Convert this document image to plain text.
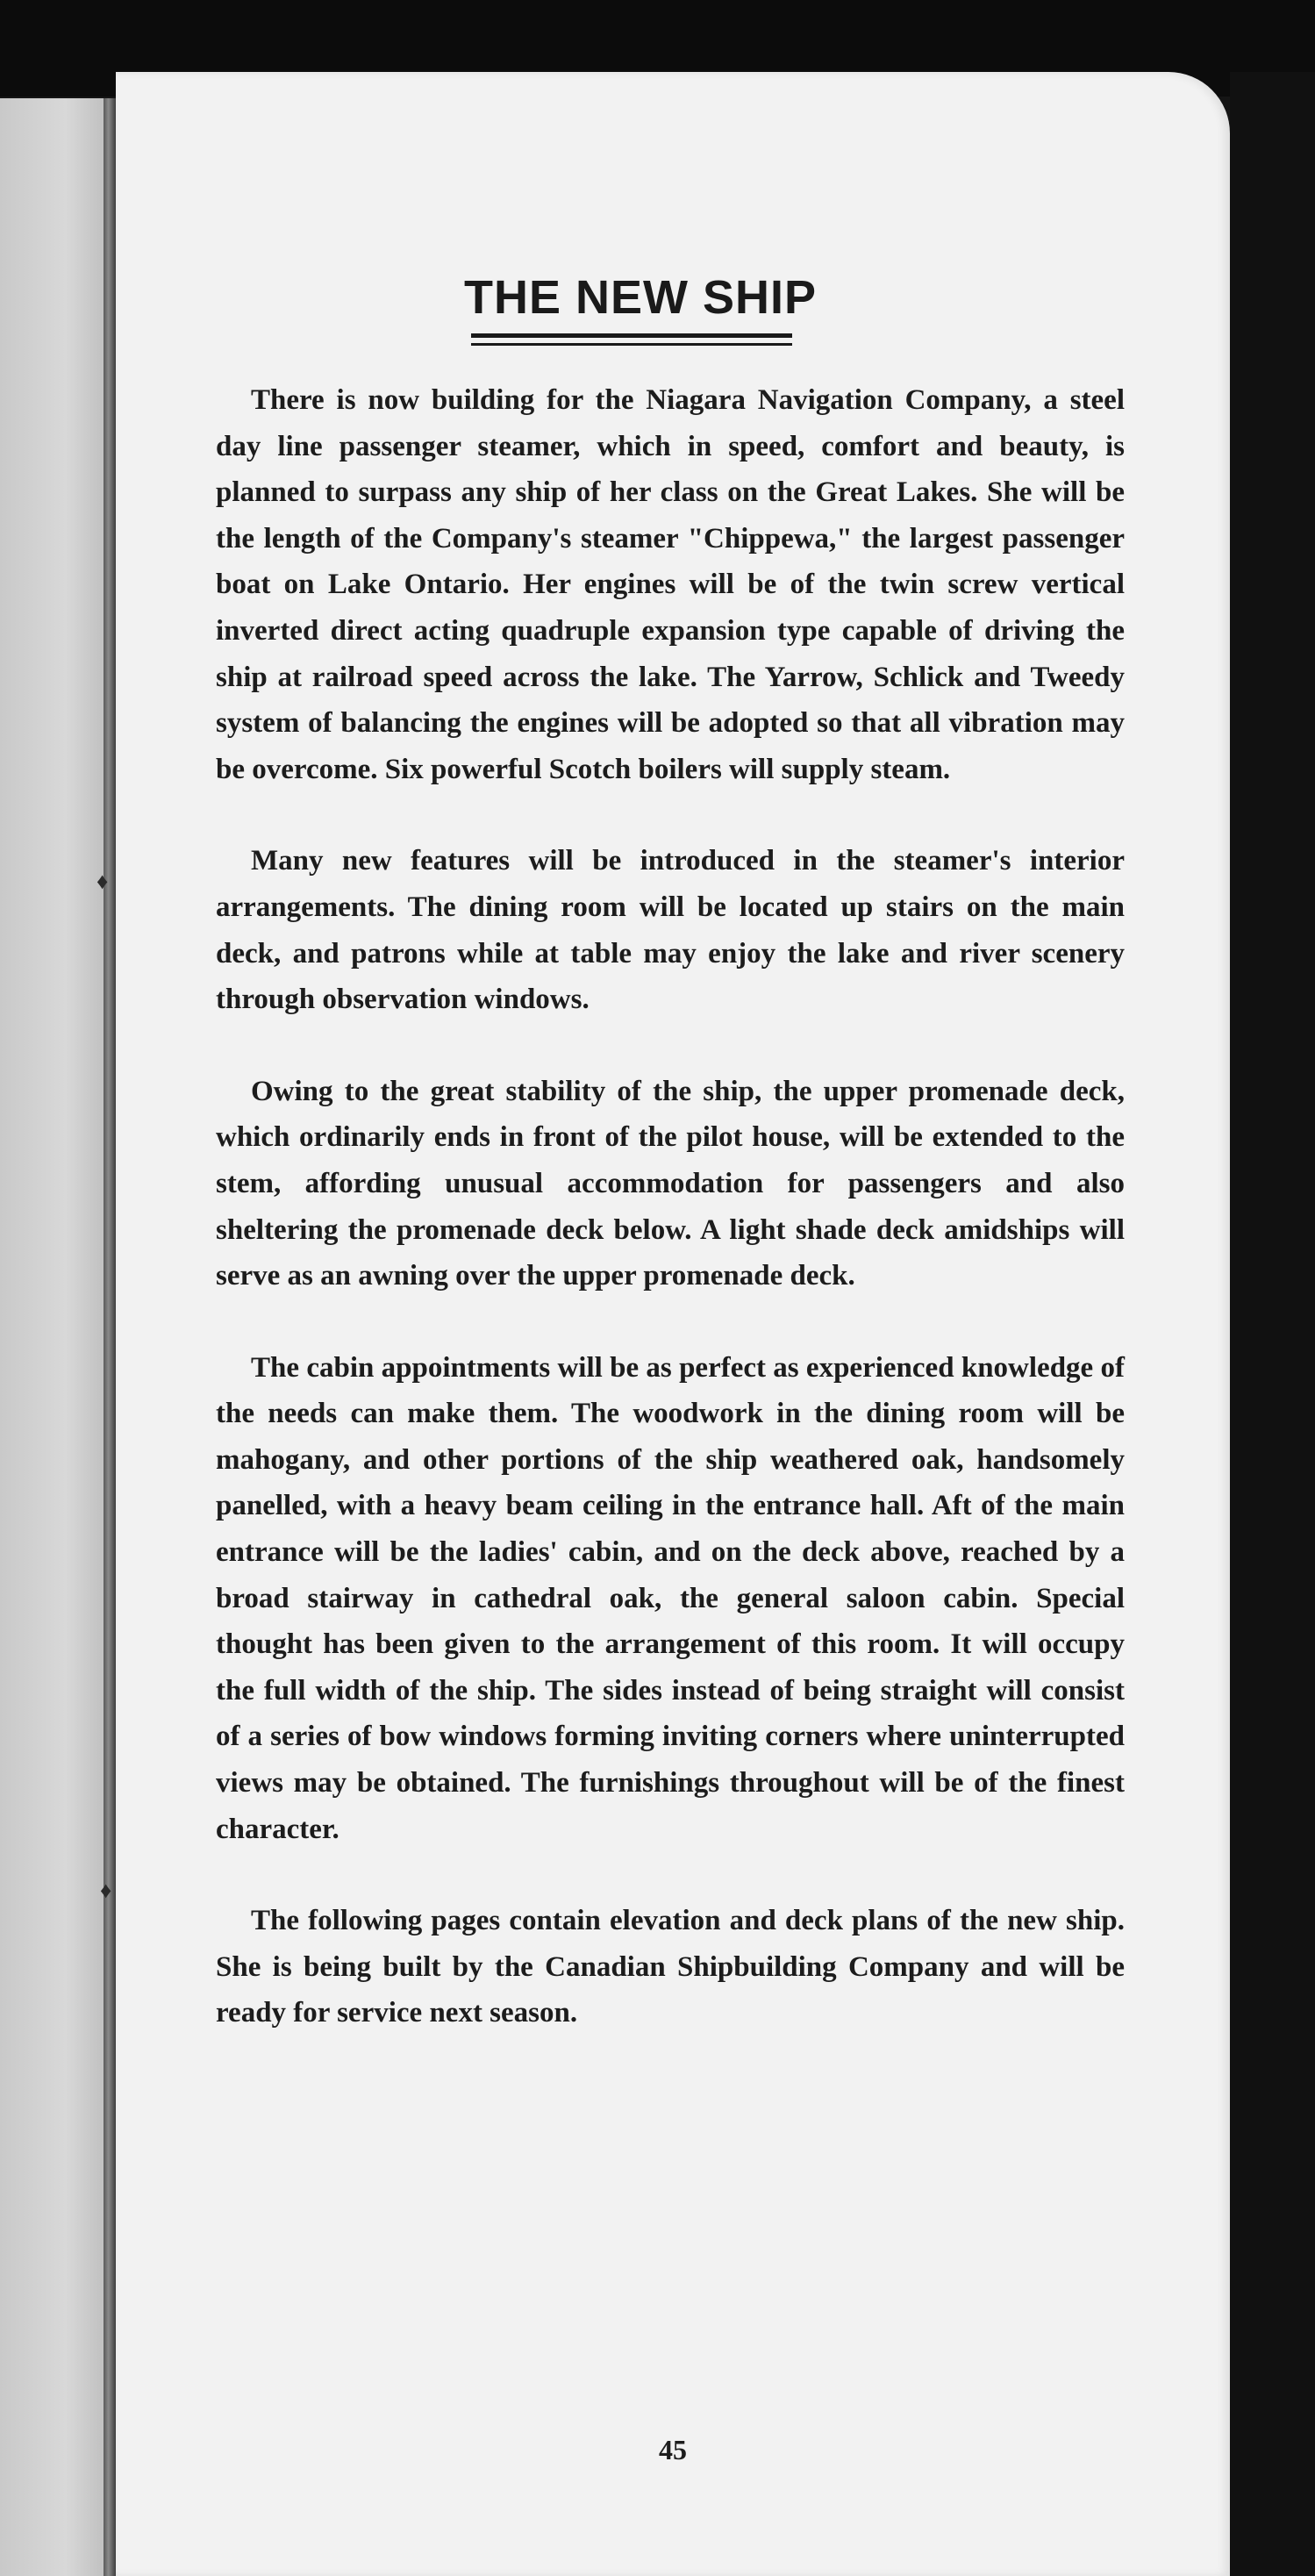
THE NEW SHIP

There is now building for the Niagara Navigation Company, a steel day line passenger steamer, which in speed, comfort and beauty, is planned to surpass any ship of her class on the Great Lakes. She will be the length of the Company's steamer "Chippewa," the largest passenger boat on Lake Ontario. Her engines will be of the twin screw vertical inverted direct acting quadruple expansion type capable of driving the ship at railroad speed across the lake. The Yarrow, Schlick and Tweedy system of balancing the engines will be adopted so that all vibration may be overcome. Six powerful Scotch boilers will supply steam.

Many new features will be introduced in the steamer's interior arrangements. The dining room will be located up stairs on the main deck, and patrons while at table may enjoy the lake and river scenery through observation windows.

Owing to the great stability of the ship, the upper promenade deck, which ordinarily ends in front of the pilot house, will be extended to the stem, affording unusual accommodation for passengers and also sheltering the promenade deck below. A light shade deck amidships will serve as an awning over the upper promenade deck.

The cabin appointments will be as perfect as experienced knowledge of the needs can make them. The woodwork in the dining room will be mahogany, and other portions of the ship weathered oak, handsomely panelled, with a heavy beam ceiling in the entrance hall. Aft of the main entrance will be the ladies' cabin, and on the deck above, reached by a broad stairway in cathedral oak, the general saloon cabin. Special thought has been given to the arrangement of this room. It will occupy the full width of the ship. The sides instead of being straight will consist of a series of bow windows forming inviting corners where uninterrupted views may be obtained. The furnishings throughout will be of the finest character.

The following pages contain elevation and deck plans of the new ship. She is being built by the Canadian Shipbuilding Company and will be ready for service next season.

♦
♦

45
